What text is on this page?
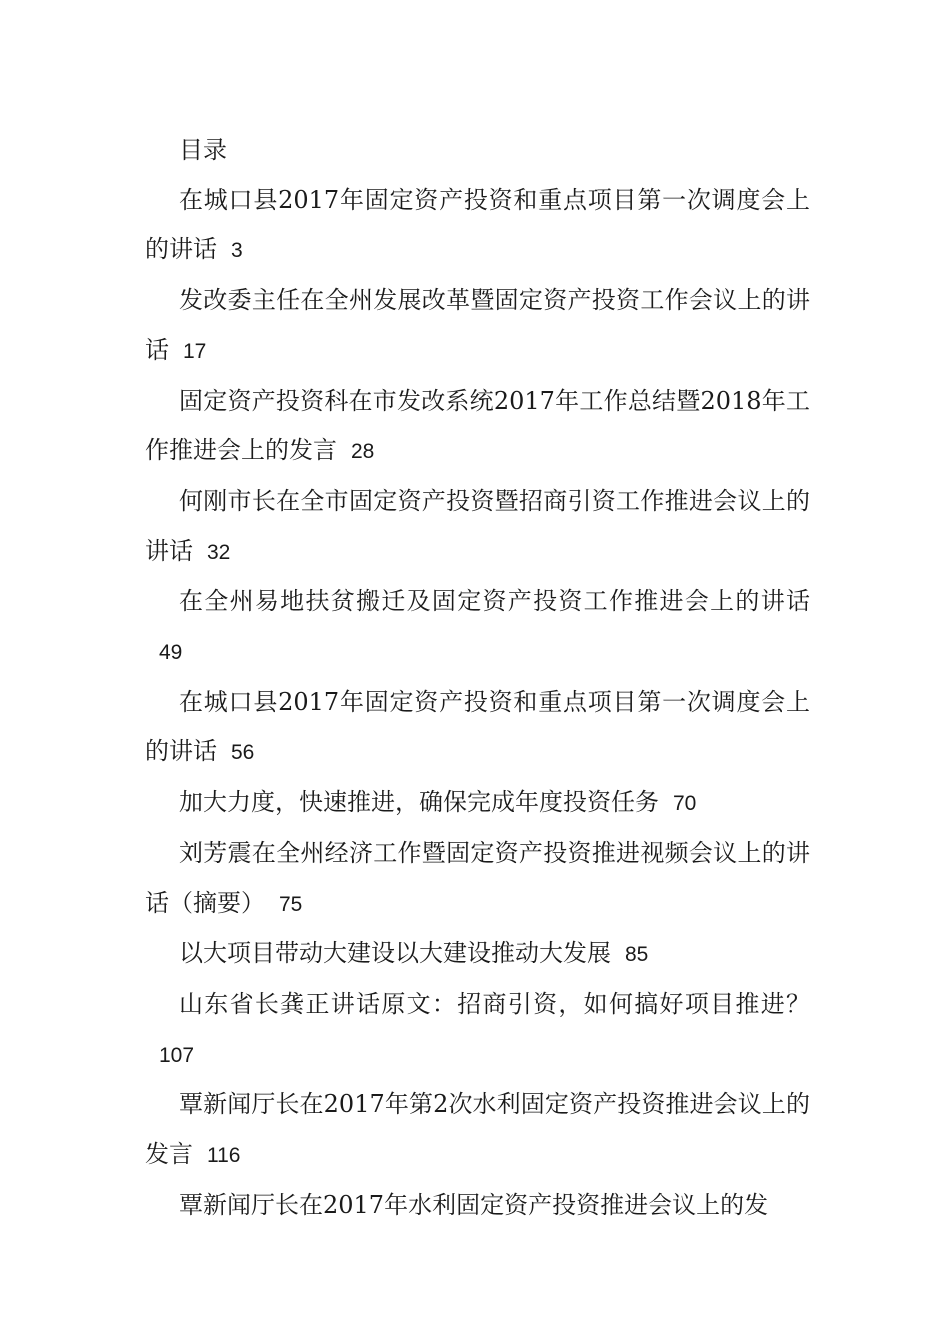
目录

在城口县2017年固定资产投资和重点项目第一次调度会上的讲话 3

发改委主任在全州发展改革暨固定资产投资工作会议上的讲话 17

固定资产投资科在市发改系统2017年工作总结暨2018年工作推进会上的发言 28

何刚市长在全市固定资产投资暨招商引资工作推进会议上的讲话 32

在全州易地扶贫搬迁及固定资产投资工作推进会上的讲话49

在城口县2017年固定资产投资和重点项目第一次调度会上的讲话 56

加大力度，快速推进，确保完成年度投资任务 70

刘芳震在全州经济工作暨固定资产投资推进视频会议上的讲话（摘要） 75

以大项目带动大建设以大建设推动大发展 85

山东省长龚正讲话原文：招商引资，如何搞好项目推进？107

覃新闻厅长在2017年第2次水利固定资产投资推进会议上的发言 116

覃新闻厅长在2017年水利固定资产投资推进会议上的发
